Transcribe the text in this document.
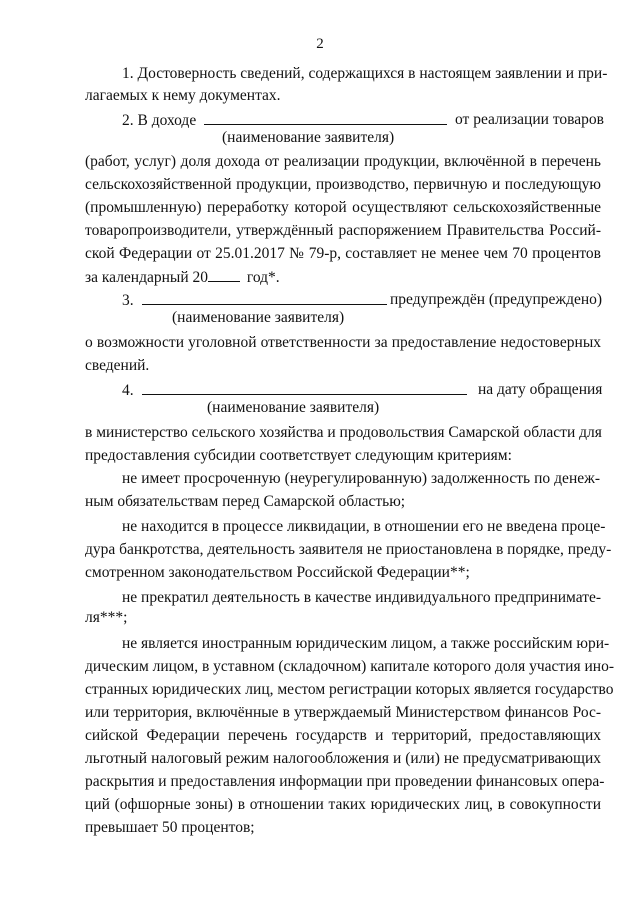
2
1. Достоверность сведений, содержащихся в настоящем заявлении и при-
лагаемых к нему документах.
2. В доходе	от реализации товаров
(наименование заявителя)
(работ, услуг) доля дохода от реализации продукции, включённой в перечень
сельскохозяйственной продукции, производство, первичную и последующую
(промышленную) переработку которой осуществляют сельскохозяйственные
товаропроизводители, утверждённый распоряжением Правительства Россий-
ской Федерации от 25.01.2017 № 79-р, составляет не менее чем 70 процентов
за календарный 20	год*.
3.	предупреждён (предупреждено)
(наименование заявителя)
о возможности уголовной ответственности за предоставление недостоверных
сведений.
4.	на дату обращения
(наименование заявителя)
в министерство сельского хозяйства и продовольствия Самарской области для
предоставления субсидии соответствует следующим критериям:
не имеет просроченную (неурегулированную) задолженность по денеж-
ным обязательствам перед Самарской областью;
не находится в процессе ликвидации, в отношении его не введена проце-
дура банкротства, деятельность заявителя не приостановлена в порядке, преду-
смотренном законодательством Российской Федерации**;
не прекратил деятельность в качестве индивидуального предпринимате-
ля***;
не является иностранным юридическим лицом, а также российским юри-
дическим лицом, в уставном (складочном) капитале которого доля участия ино-
странных юридических лиц, местом регистрации которых является государство
или территория, включённые в утверждаемый Министерством финансов Рос-
сийской Федерации перечень государств и территорий, предоставляющих
льготный налоговый режим налогообложения и (или) не предусматривающих
раскрытия и предоставления информации при проведении финансовых опера-
ций (офшорные зоны) в отношении таких юридических лиц, в совокупности
превышает 50 процентов;
